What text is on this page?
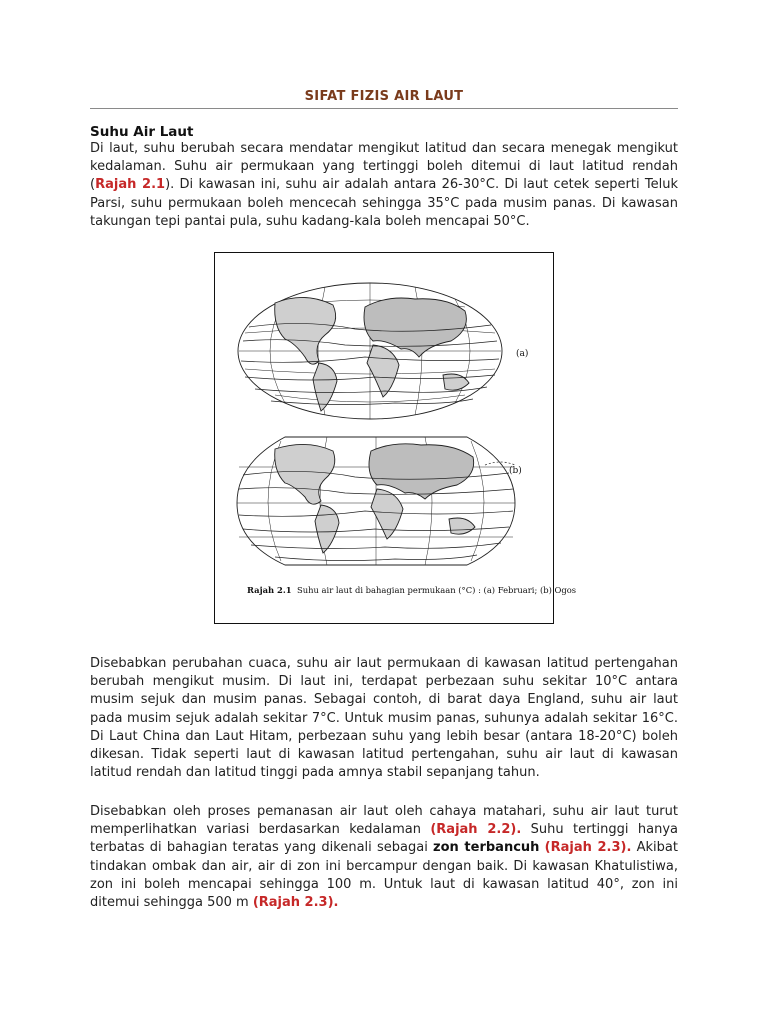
SIFAT FIZIS AIR LAUT
Suhu Air Laut
Di laut, suhu berubah secara mendatar mengikut latitud dan secara menegak mengikut kedalaman. Suhu air permukaan yang tertinggi boleh ditemui di laut latitud rendah (Rajah 2.1). Di kawasan ini, suhu air adalah antara 26-30°C. Di laut cetek seperti Teluk Parsi, suhu permukaan boleh mencecah sehingga 35°C pada musim panas. Di kawasan takungan tepi pantai pula, suhu kadang-kala boleh mencapai 50°C.
(a)
(b)
Rajah 2.1 Suhu air laut di bahagian permukaan (°C) : (a) Februari; (b) Ogos
Disebabkan perubahan cuaca, suhu air laut permukaan di kawasan latitud pertengahan berubah mengikut musim. Di laut ini, terdapat perbezaan suhu sekitar 10°C antara musim sejuk dan musim panas. Sebagai contoh, di barat daya England, suhu air laut pada musim sejuk adalah sekitar 7°C. Untuk musim panas, suhunya adalah sekitar 16°C. Di Laut China dan Laut Hitam, perbezaan suhu yang lebih besar (antara 18-20°C) boleh dikesan. Tidak seperti laut di kawasan latitud pertengahan, suhu air laut di kawasan latitud rendah dan latitud tinggi pada amnya stabil sepanjang tahun.
Disebabkan oleh proses pemanasan air laut oleh cahaya matahari, suhu air laut turut memperlihatkan variasi berdasarkan kedalaman (Rajah 2.2). Suhu tertinggi hanya terbatas di bahagian teratas yang dikenali sebagai zon terbancuh (Rajah 2.3). Akibat tindakan ombak dan air, air di zon ini bercampur dengan baik. Di kawasan Khatulistiwa, zon ini boleh mencapai sehingga 100 m. Untuk laut di kawasan latitud 40°, zon ini ditemui sehingga 500 m (Rajah 2.3).
